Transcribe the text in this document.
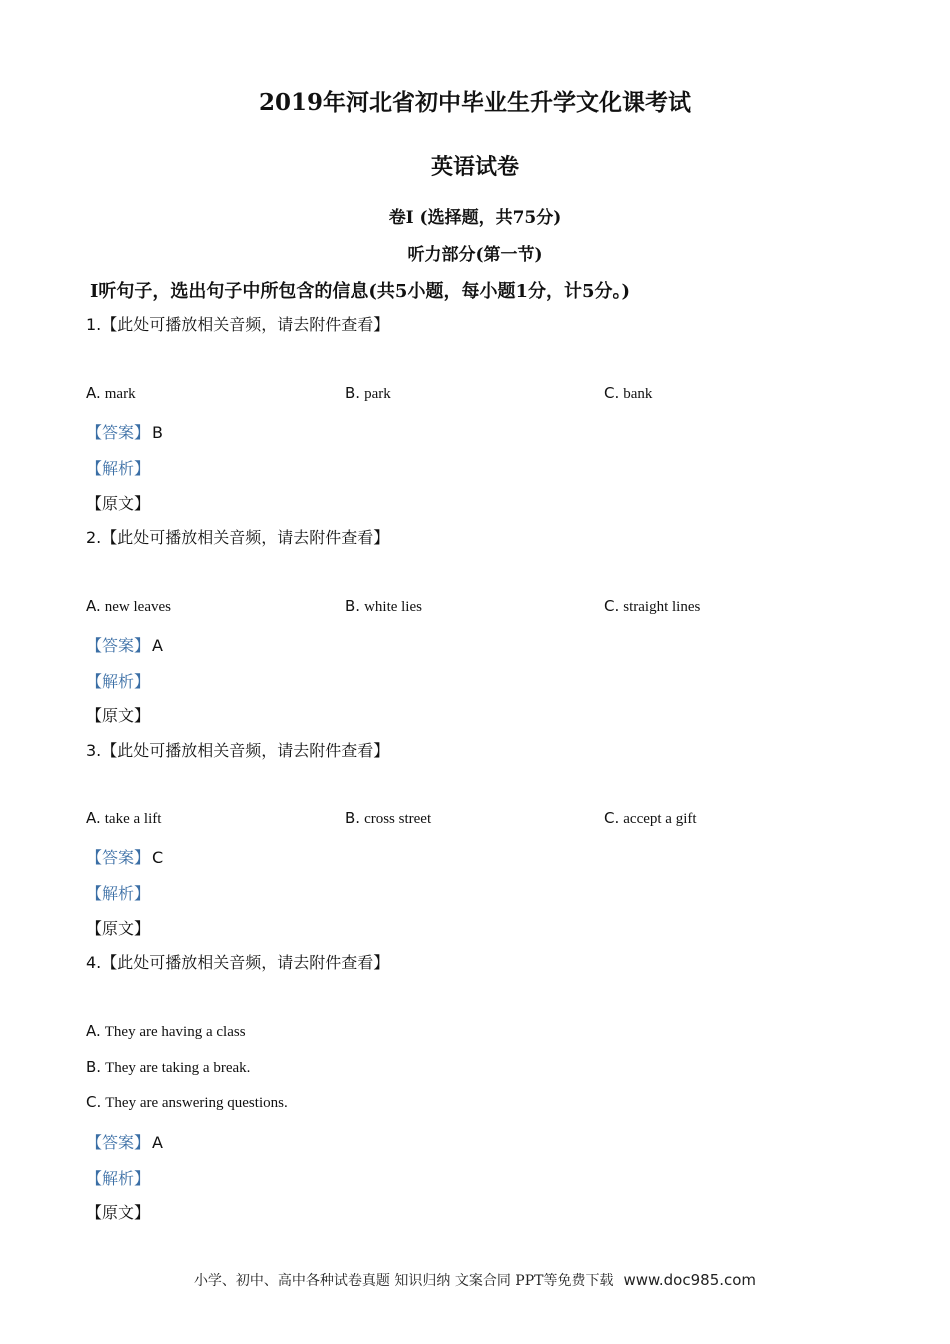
2019年河北省初中毕业生升学文化课考试
英语试卷
卷Ⅰ (选择题，共75分)
听力部分(第一节)
Ⅰ听句子，选出句子中所包含的信息(共5小题，每小题1分，计5分。)
1.【此处可播放相关音频，请去附件查看】
A. mark	B. park	C. bank
【答案】 B
【解析】
【原文】
2.【此处可播放相关音频，请去附件查看】
A. new leaves	B. white lies	C. straight lines
【答案】 A
【解析】
【原文】
3.【此处可播放相关音频，请去附件查看】
A. take a lift	B. cross street	C. accept a gift
【答案】 C
【解析】
【原文】
4.【此处可播放相关音频，请去附件查看】
A. They are having a class
B. They are taking a break.
C. They are answering questions.
【答案】 A
【解析】
【原文】
小学、初中、高中各种试卷真题 知识归纳 文案合同 PPT等免费下载 www.doc985.com
